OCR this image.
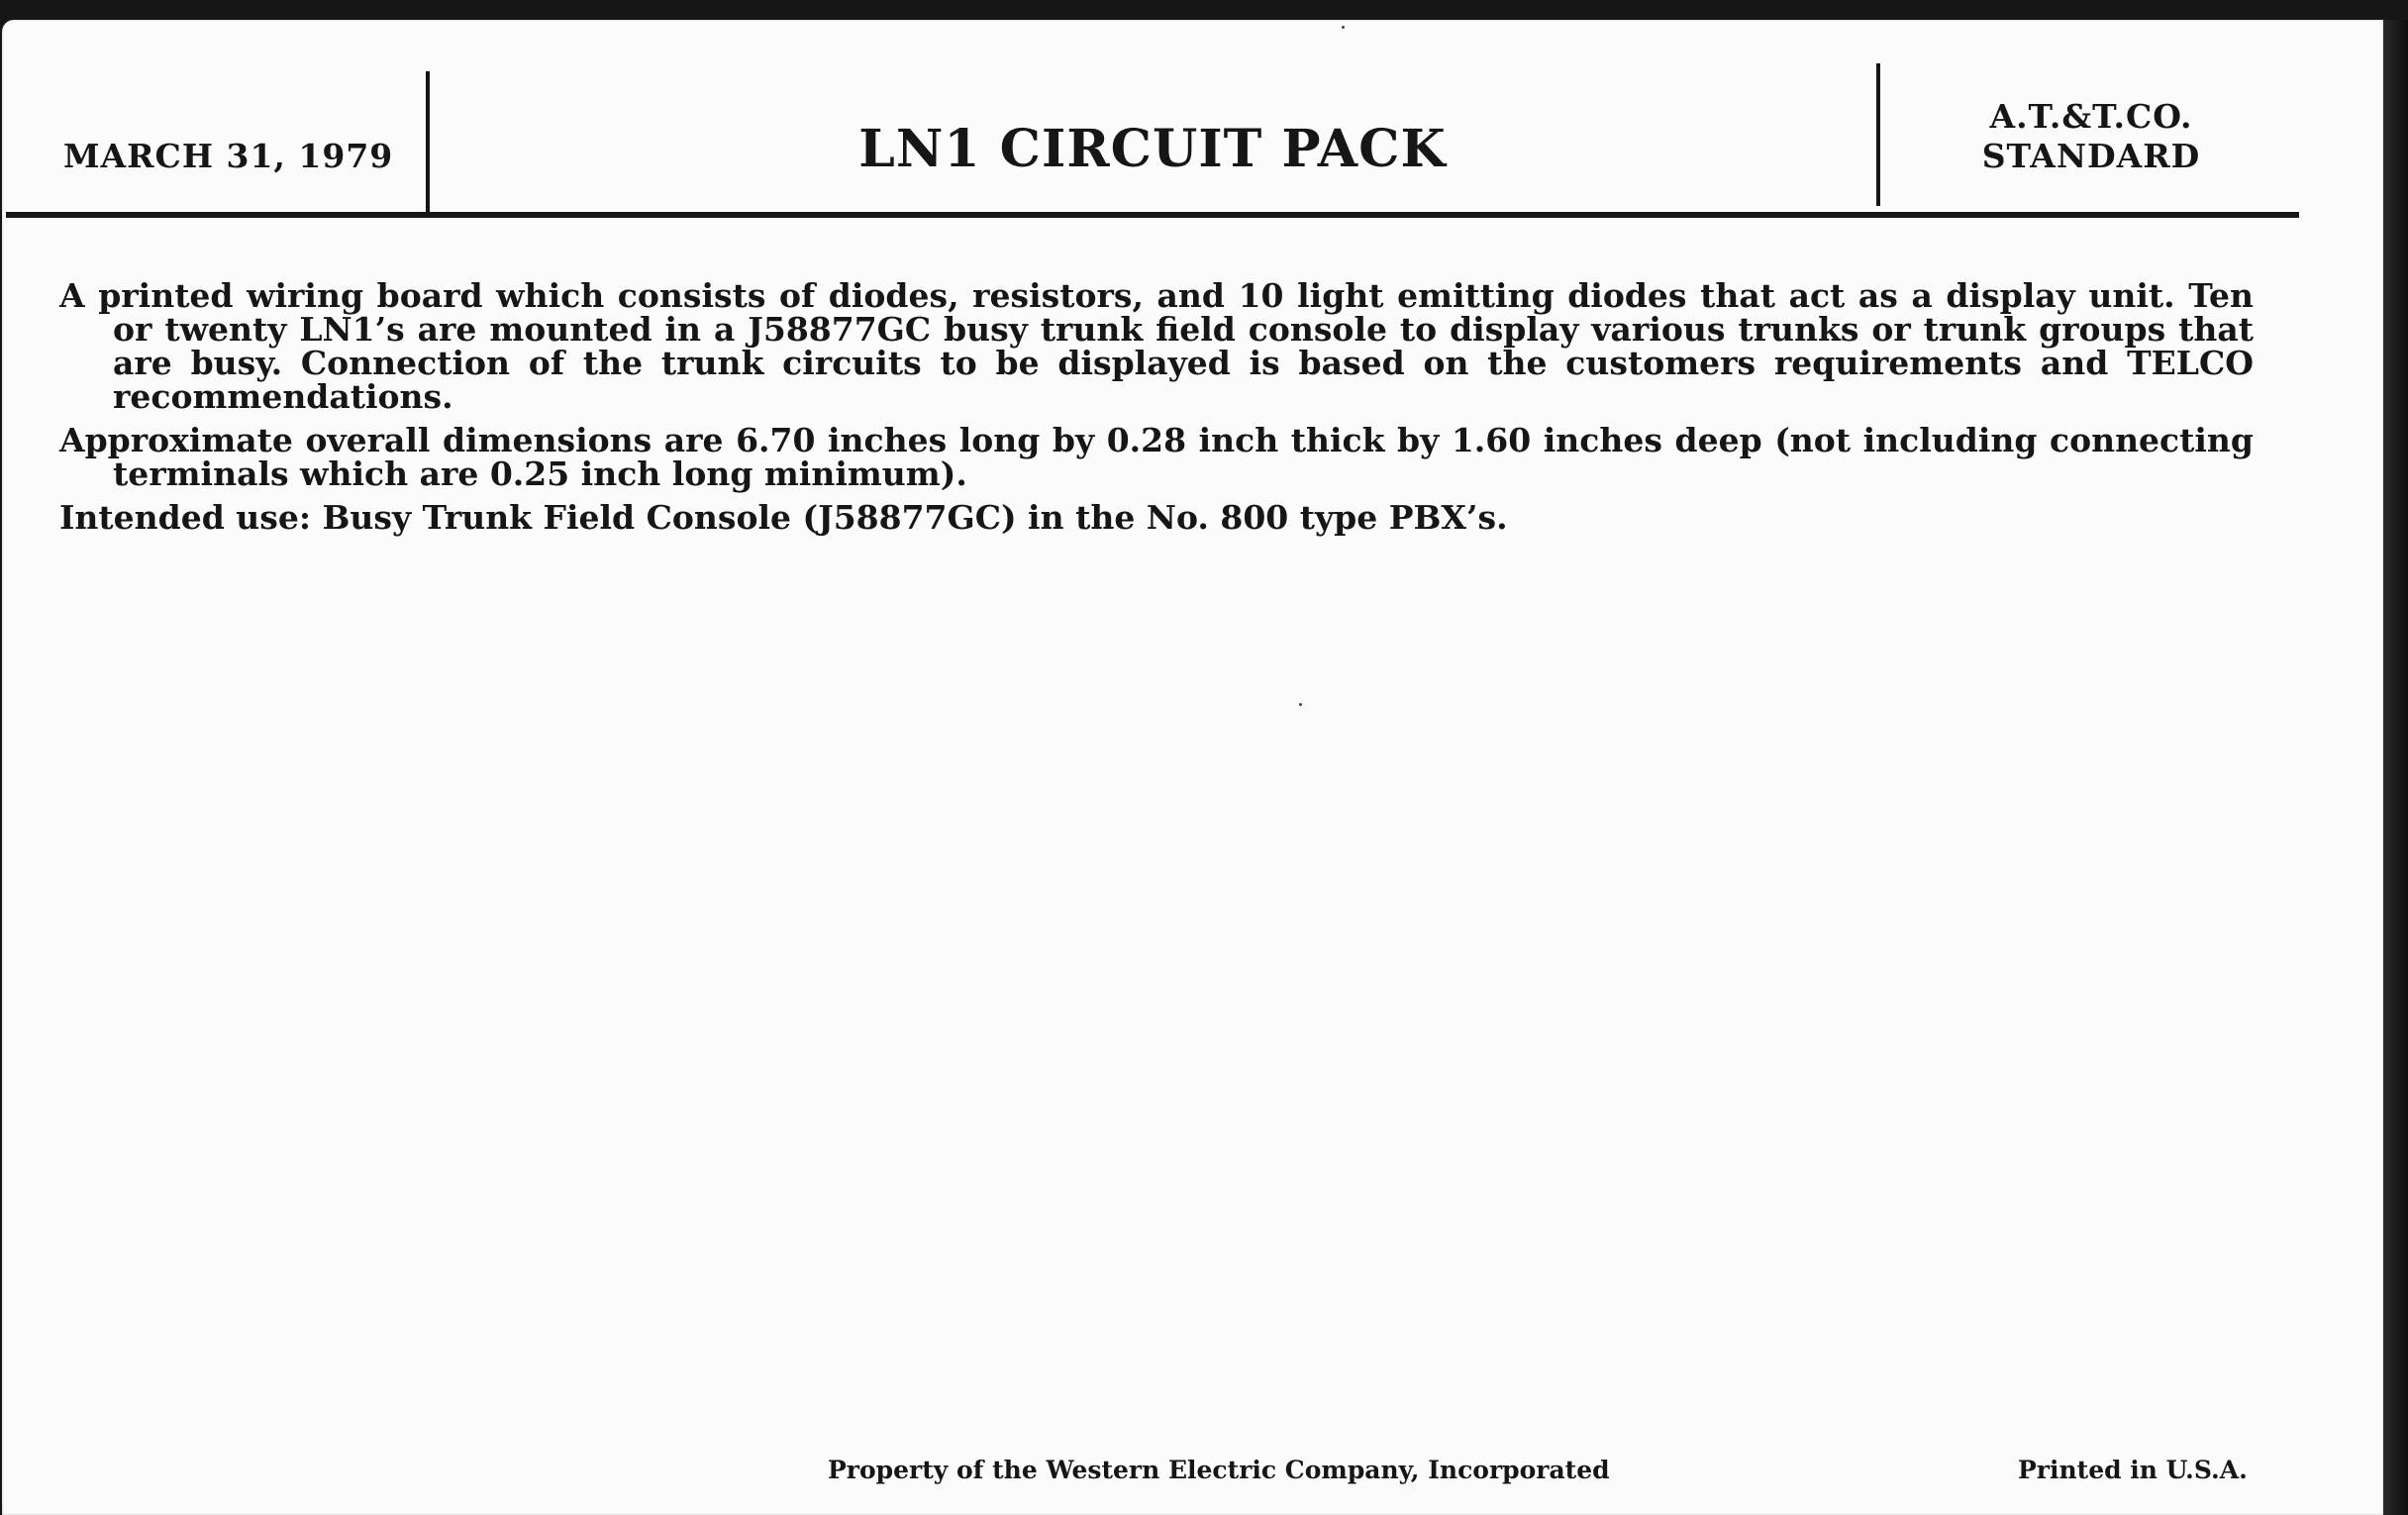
MARCH 31, 1979	LN1 CIRCUIT PACK
A.T.&T.CO.
STANDARD

A printed wiring board which consists of diodes, resistors, and 10 light emitting diodes that act as a display unit. Ten or twenty LN1’s are mounted in a J58877GC busy trunk field console to display various trunks or trunk groups that are busy. Connection of the trunk circuits to be displayed is based on the customers requirements and TELCO recommendations.

Approximate overall dimensions are 6.70 inches long by 0.28 inch thick by 1.60 inches deep (not including connecting terminals which are 0.25 inch long minimum).

Intended use: Busy Trunk Field Console (J58877GC) in the No. 800 type PBX’s.

Property of the Western Electric Company, Incorporated	Printed in U.S.A.
